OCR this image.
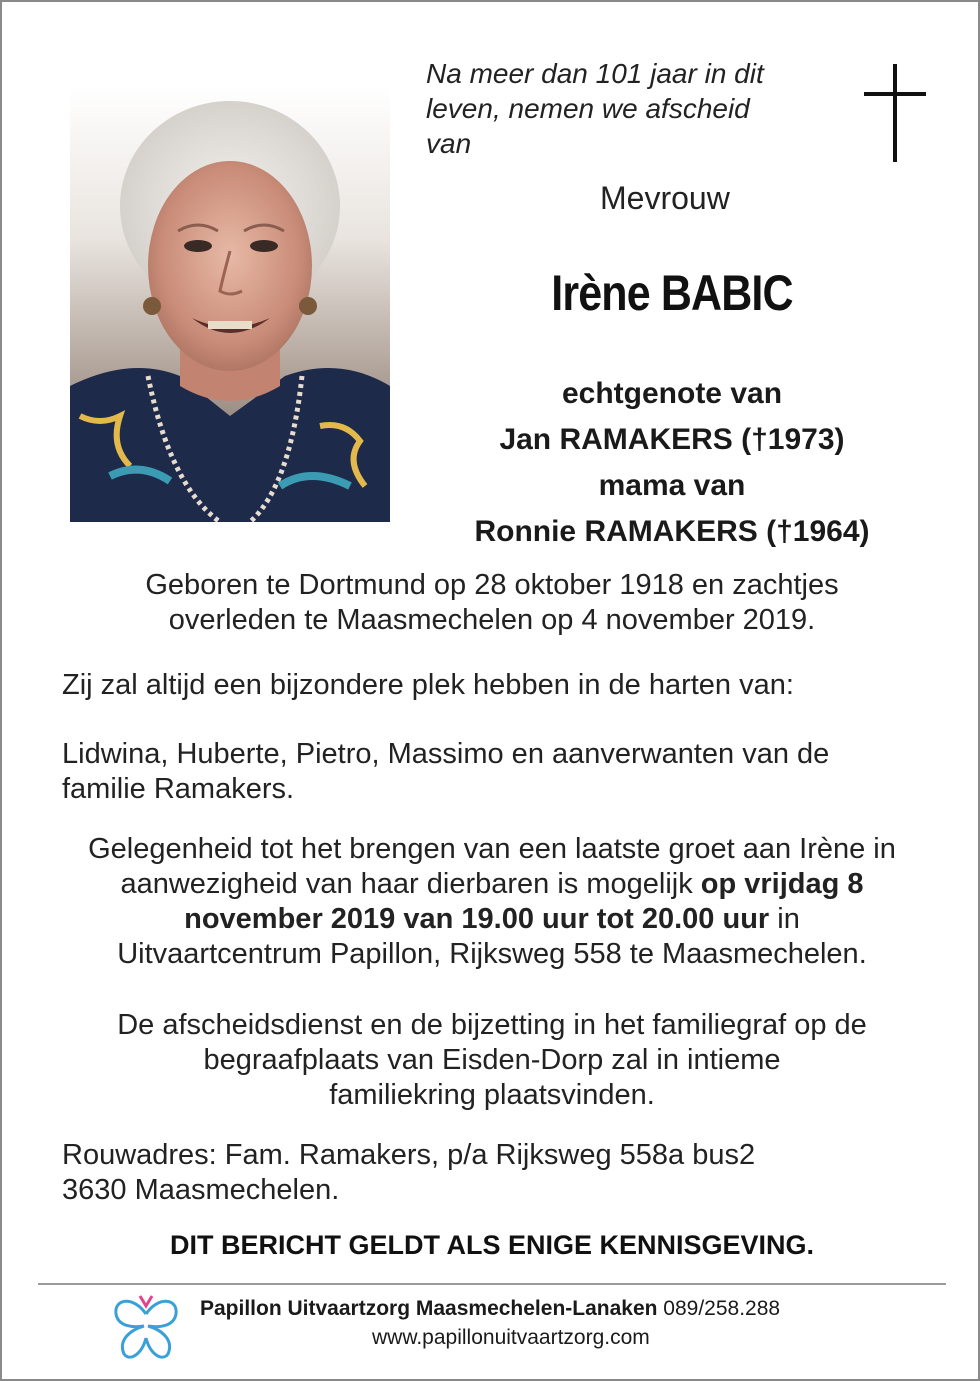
Na meer dan 101 jaar in dit
leven, nemen we afscheid
van
Mevrouw
Irène BABIC
echtgenote van
Jan RAMAKERS (†1973)
mama van
Ronnie RAMAKERS (†1964)
Geboren te Dortmund op 28 oktober 1918 en zachtjes
overleden te Maasmechelen op 4 november 2019.
Zij zal altijd een bijzondere plek hebben in de harten van:
Lidwina, Huberte, Pietro, Massimo en aanverwanten van de
familie Ramakers.
Gelegenheid tot het brengen van een laatste groet aan Irène in
aanwezigheid van haar dierbaren is mogelijk op vrijdag 8
november 2019 van 19.00 uur tot 20.00 uur in
Uitvaartcentrum Papillon, Rijksweg 558 te Maasmechelen.
De afscheidsdienst en de bijzetting in het familiegraf op de
begraafplaats van Eisden-Dorp zal in intieme
familiekring plaatsvinden.
Rouwadres: Fam. Ramakers, p/a Rijksweg 558a bus2
3630 Maasmechelen.
DIT BERICHT GELDT ALS ENIGE KENNISGEVING.
Papillon Uitvaartzorg Maasmechelen-Lanaken 089/258.288
www.papillonuitvaartzorg.com
